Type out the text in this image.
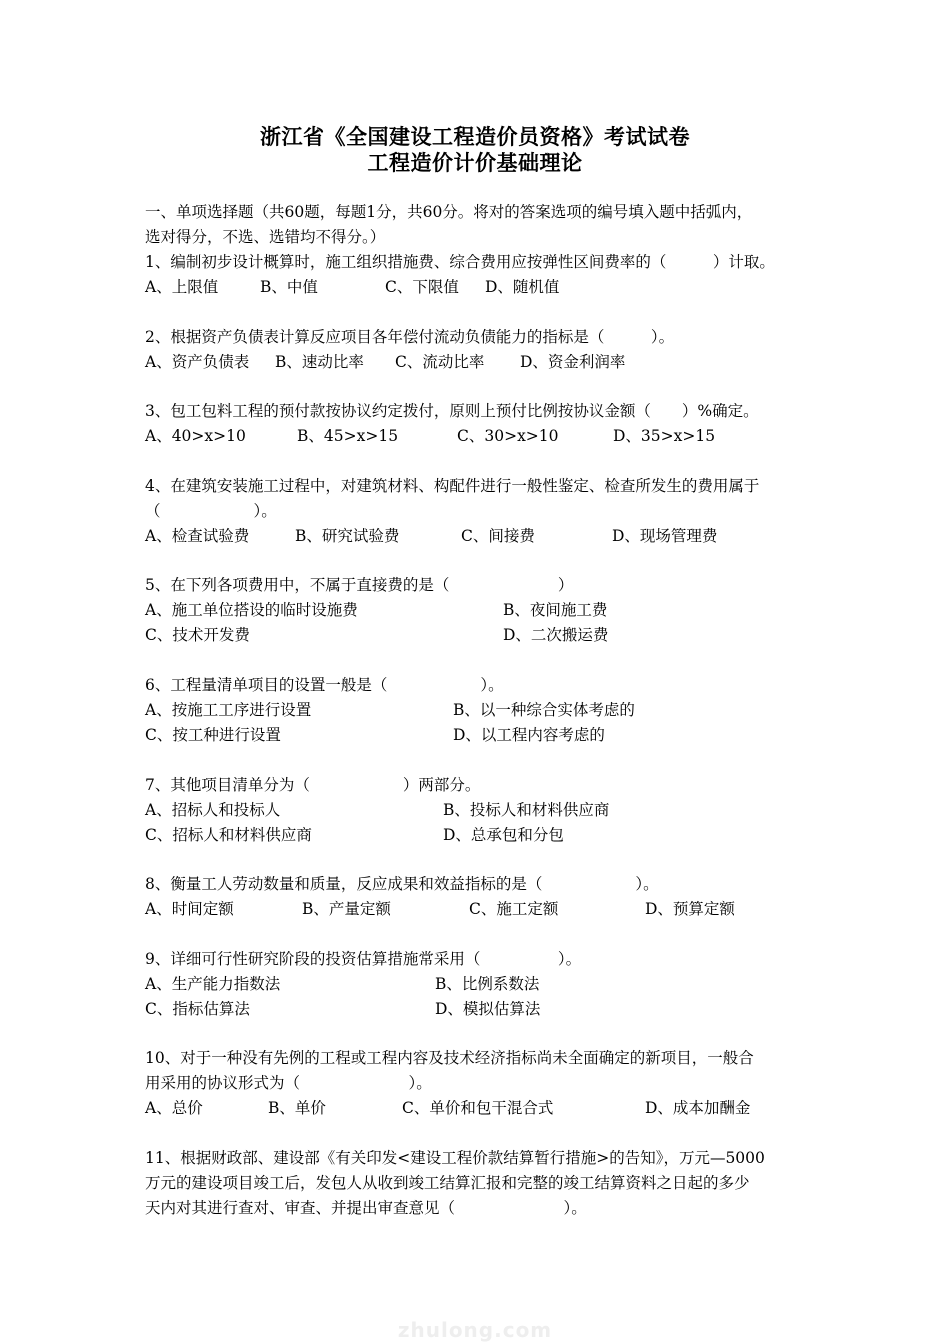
浙江省《全国建设工程造价员资格》考试试卷
工程造价计价基础理论
一、单项选择题（共60题，每题1分，共60分。将对的答案选项的编号填入题中括弧内，
选对得分，不选、选错均不得分。）
1、编制初步设计概算时，施工组织措施费、综合费用应按弹性区间费率的（　　　）计取。
A、上限值	B、中值	C、下限值 D、随机值
2、根据资产负债表计算反应项目各年偿付流动负债能力的指标是（　　　）。
A、资产负债表 B、速动比率 C、流动比率 D、资金利润率
3、包工包料工程的预付款按协议约定拨付，原则上预付比例按协议金额（　　）%确定。
A、40>x>10	B、45>x>15	C、30>x>10	D、35>x>15
4、在建筑安装施工过程中，对建筑材料、构配件进行一般性鉴定、检查所发生的费用属于
（　　　　　　）。
A、检查试验费	B、研究试验费	C、间接费	D、现场管理费
5、在下列各项费用中，不属于直接费的是（　　　　　　　）
A、施工单位搭设的临时设施费	B、夜间施工费
C、技术开发费	D、二次搬运费
6、工程量清单项目的设置一般是（　　　　　　）。
A、按施工工序进行设置	B、以一种综合实体考虑的
C、按工种进行设置	D、以工程内容考虑的
7、其他项目清单分为（　　　　　　）两部分。
A、招标人和投标人	B、投标人和材料供应商
C、招标人和材料供应商	D、总承包和分包
8、衡量工人劳动数量和质量，反应成果和效益指标的是（　　　　　　）。
A、时间定额	B、产量定额	C、施工定额	D、预算定额
9、详细可行性研究阶段的投资估算措施常采用（　　　　　）。
A、生产能力指数法	B、比例系数法
C、指标估算法	D、模拟估算法
10、对于一种没有先例的工程或工程内容及技术经济指标尚未全面确定的新项目，一般合
用采用的协议形式为（　　　　　　　）。
A、总价	B、单价	C、单价和包干混合式	D、成本加酬金
11、根据财政部、建设部《有关印发<建设工程价款结算暂行措施>的告知》，万元—5000
万元的建设项目竣工后，发包人从收到竣工结算汇报和完整的竣工结算资料之日起的多少
天内对其进行查对、审查、并提出审查意见（　　　　　　　）。
zhulong.com
